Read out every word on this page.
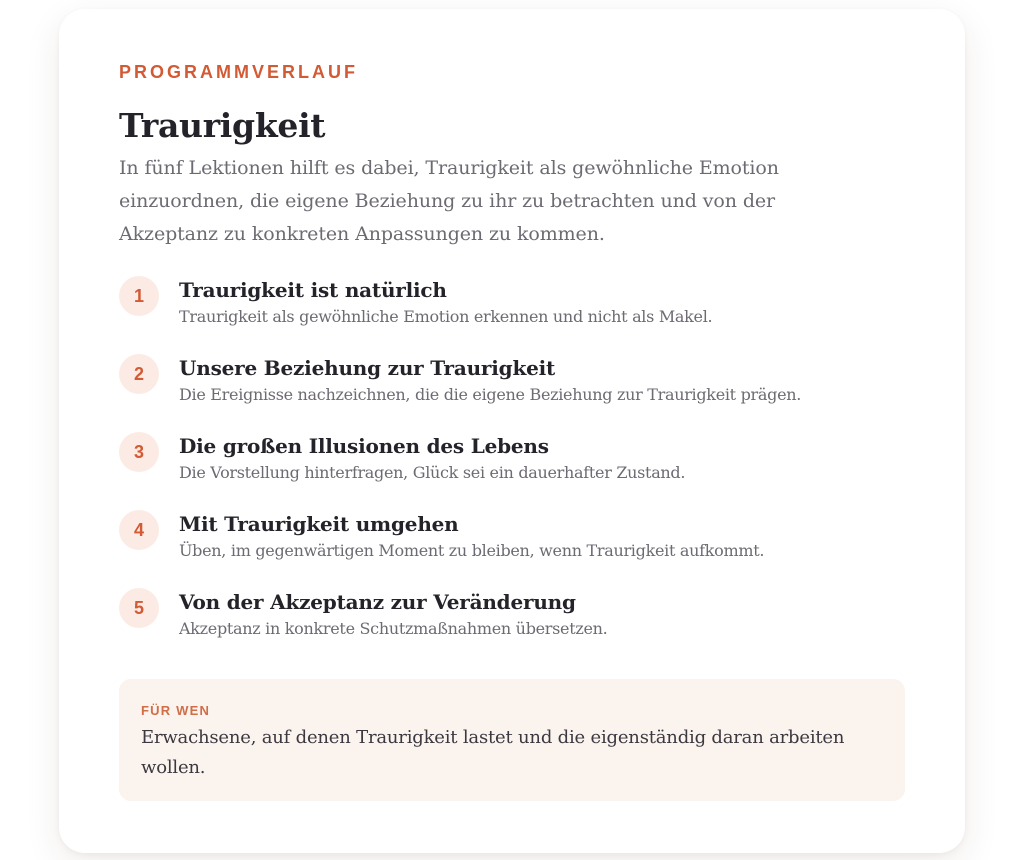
PROGRAMMVERLAUF
Traurigkeit
In fünf Lektionen hilft es dabei, Traurigkeit als gewöhnliche Emotion einzuordnen, die eigene Beziehung zu ihr zu betrachten und von der Akzeptanz zu konkreten Anpassungen zu kommen.
1	Traurigkeit ist natürlich
Traurigkeit als gewöhnliche Emotion erkennen und nicht als Makel.
2	Unsere Beziehung zur Traurigkeit
Die Ereignisse nachzeichnen, die die eigene Beziehung zur Traurigkeit prägen.
3	Die großen Illusionen des Lebens
Die Vorstellung hinterfragen, Glück sei ein dauerhafter Zustand.
4	Mit Traurigkeit umgehen
Üben, im gegenwärtigen Moment zu bleiben, wenn Traurigkeit aufkommt.
5	Von der Akzeptanz zur Veränderung
Akzeptanz in konkrete Schutzmaßnahmen übersetzen.
FÜR WEN
Erwachsene, auf denen Traurigkeit lastet und die eigenständig daran arbeiten wollen.
